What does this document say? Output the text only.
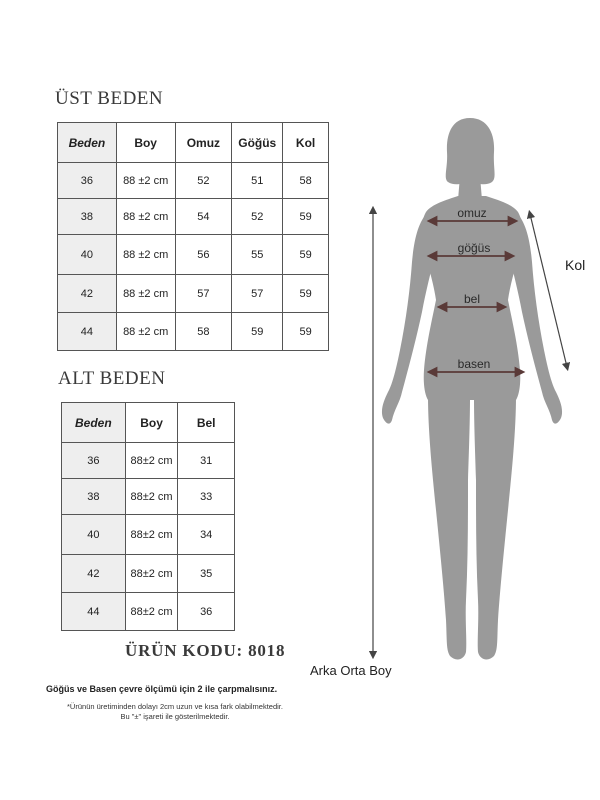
ÜST BEDEN
Beden	Boy	Omuz	Göğüs	Kol
36	88 ±2 cm	52	51	58
38	88 ±2 cm	54	52	59
40	88 ±2 cm	56	55	59
42	88 ±2 cm	57	57	59
44	88 ±2 cm	58	59	59
ALT BEDEN
Beden	Boy	Bel
36	88±2 cm	31
38	88±2 cm	33
40	88±2 cm	34
42	88±2 cm	35
44	88±2 cm	36
ÜRÜN KODU: 8018
Göğüs ve Basen çevre ölçümü için 2 ile çarpmalısınız.
*Ürünün üretiminden dolayı 2cm uzun ve kısa fark olabilmektedir.
Bu "±" işareti ile gösterilmektedir.
omuz
göğüs
bel
basen
Kol
Arka Orta Boy
